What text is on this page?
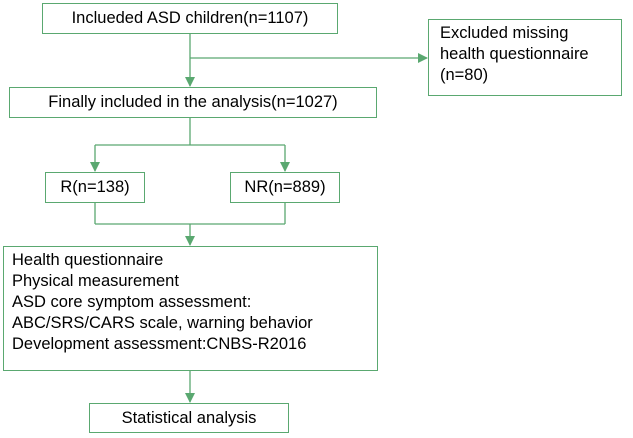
Inclueded ASD children(n=1107)
Excluded missing
health questionnaire
(n=80)
Finally included in the analysis(n=1027)
R(n=138)	NR(n=889)
Health questionnaire
Physical measurement
ASD core symptom assessment:
ABC/SRS/CARS scale, warning behavior
Development assessment:CNBS-R2016
Statistical analysis
